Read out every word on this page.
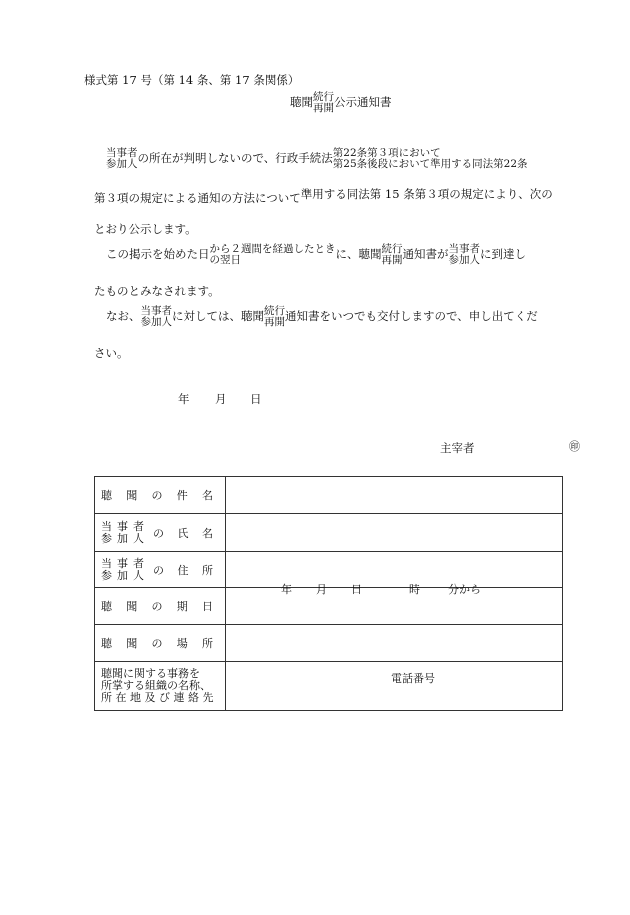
様式第 17 号（第 14 条、第 17 条関係）
聴聞 続行
再開 公示通知書
当事者
参加人 の所在が判明しないので、行政手続法 第22条第３項において
第25条後段において準用する同法第22条
第３項の規定による通知の方法について準用する同法第 15 条第３項の規定により、次の
とおり公示します。
この掲示を始めた日 から２週間を経過したとき
の翌日	に、聴聞 続行
再開 通知書が 当事者
参加人 に到達し
たものとみなされます。
なお、 当事者
参加人 に対しては、聴聞 続行
再開 通知書をいつでも交付しますので、申し出てくだ
さい。
年 月 日
主宰者	㊞
聴 聞 の 件 名	

当事者
参加人 の 氏 名	

当事者
参加人 の 住 所	

聴 聞 の 期 日	年 月 日 時 分から

聴 聞 の 場 所	

聴聞に関する事務を
所掌する組織の名称、
所 在 地 及 び 連 絡 先	電話番号
